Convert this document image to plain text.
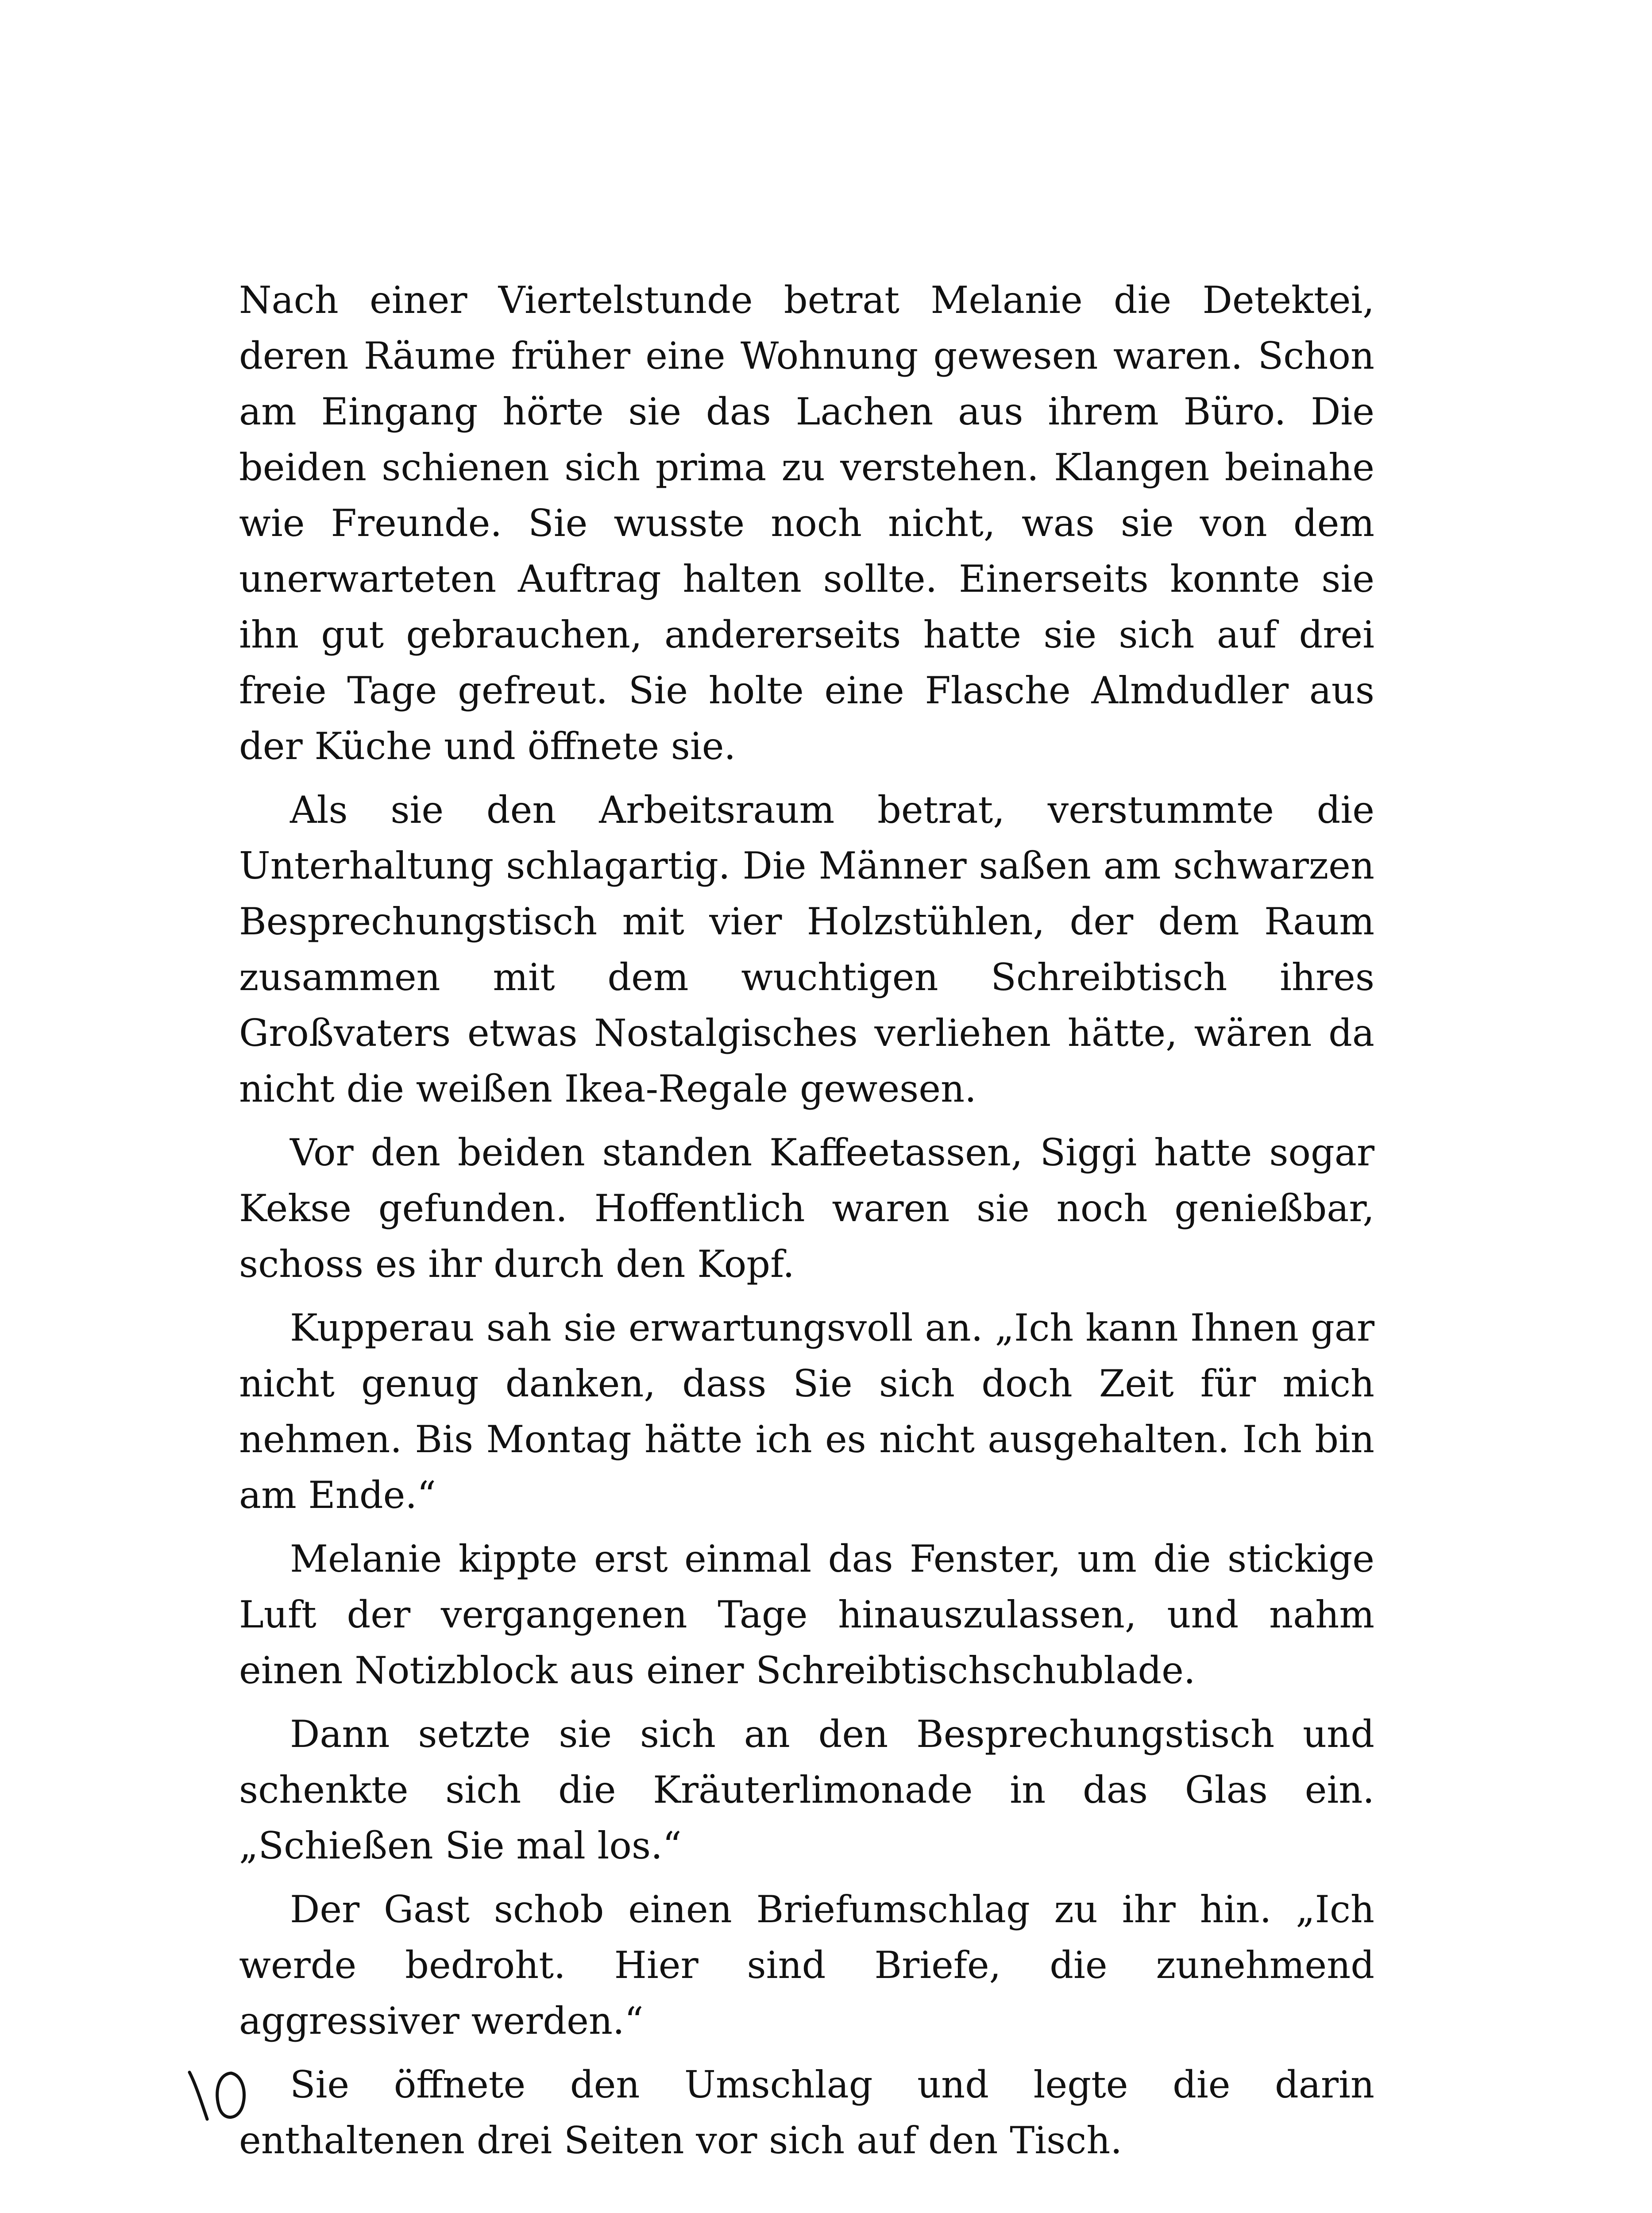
Nach einer Viertelstunde betrat Melanie die Detektei, deren Räume früher eine Wohnung gewesen waren. Schon am Eingang hörte sie das Lachen aus ihrem Büro. Die beiden schienen sich prima zu verstehen. Klangen beinahe wie Freunde. Sie wusste noch nicht, was sie von dem unerwarteten Auftrag halten sollte. Einerseits konnte sie ihn gut gebrauchen, andererseits hatte sie sich auf drei freie Tage gefreut. Sie holte eine Flasche Almdudler aus der Küche und öffnete sie.

Als sie den Arbeitsraum betrat, verstummte die Unterhaltung schlagartig. Die Männer saßen am schwarzen Besprechungstisch mit vier Holzstühlen, der dem Raum zusammen mit dem wuchtigen Schreibtisch ihres Großvaters etwas Nostalgisches verliehen hätte, wären da nicht die weißen Ikea-Regale gewesen.

Vor den beiden standen Kaffeetassen, Siggi hatte sogar Kekse gefunden. Hoffentlich waren sie noch genießbar, schoss es ihr durch den Kopf.

Kupperau sah sie erwartungsvoll an. „Ich kann Ihnen gar nicht genug danken, dass Sie sich doch Zeit für mich nehmen. Bis Montag hätte ich es nicht ausgehalten. Ich bin am Ende.“

Melanie kippte erst einmal das Fenster, um die stickige Luft der vergangenen Tage hinauszulassen, und nahm einen Notizblock aus einer Schreibtischschublade.

Dann setzte sie sich an den Besprechungstisch und schenkte sich die Kräuterlimonade in das Glas ein. „Schießen Sie mal los.“

Der Gast schob einen Briefumschlag zu ihr hin. „Ich werde bedroht. Hier sind Briefe, die zunehmend aggressiver werden.“

Sie öffnete den Umschlag und legte die darin enthaltenen drei Seiten vor sich auf den Tisch.
